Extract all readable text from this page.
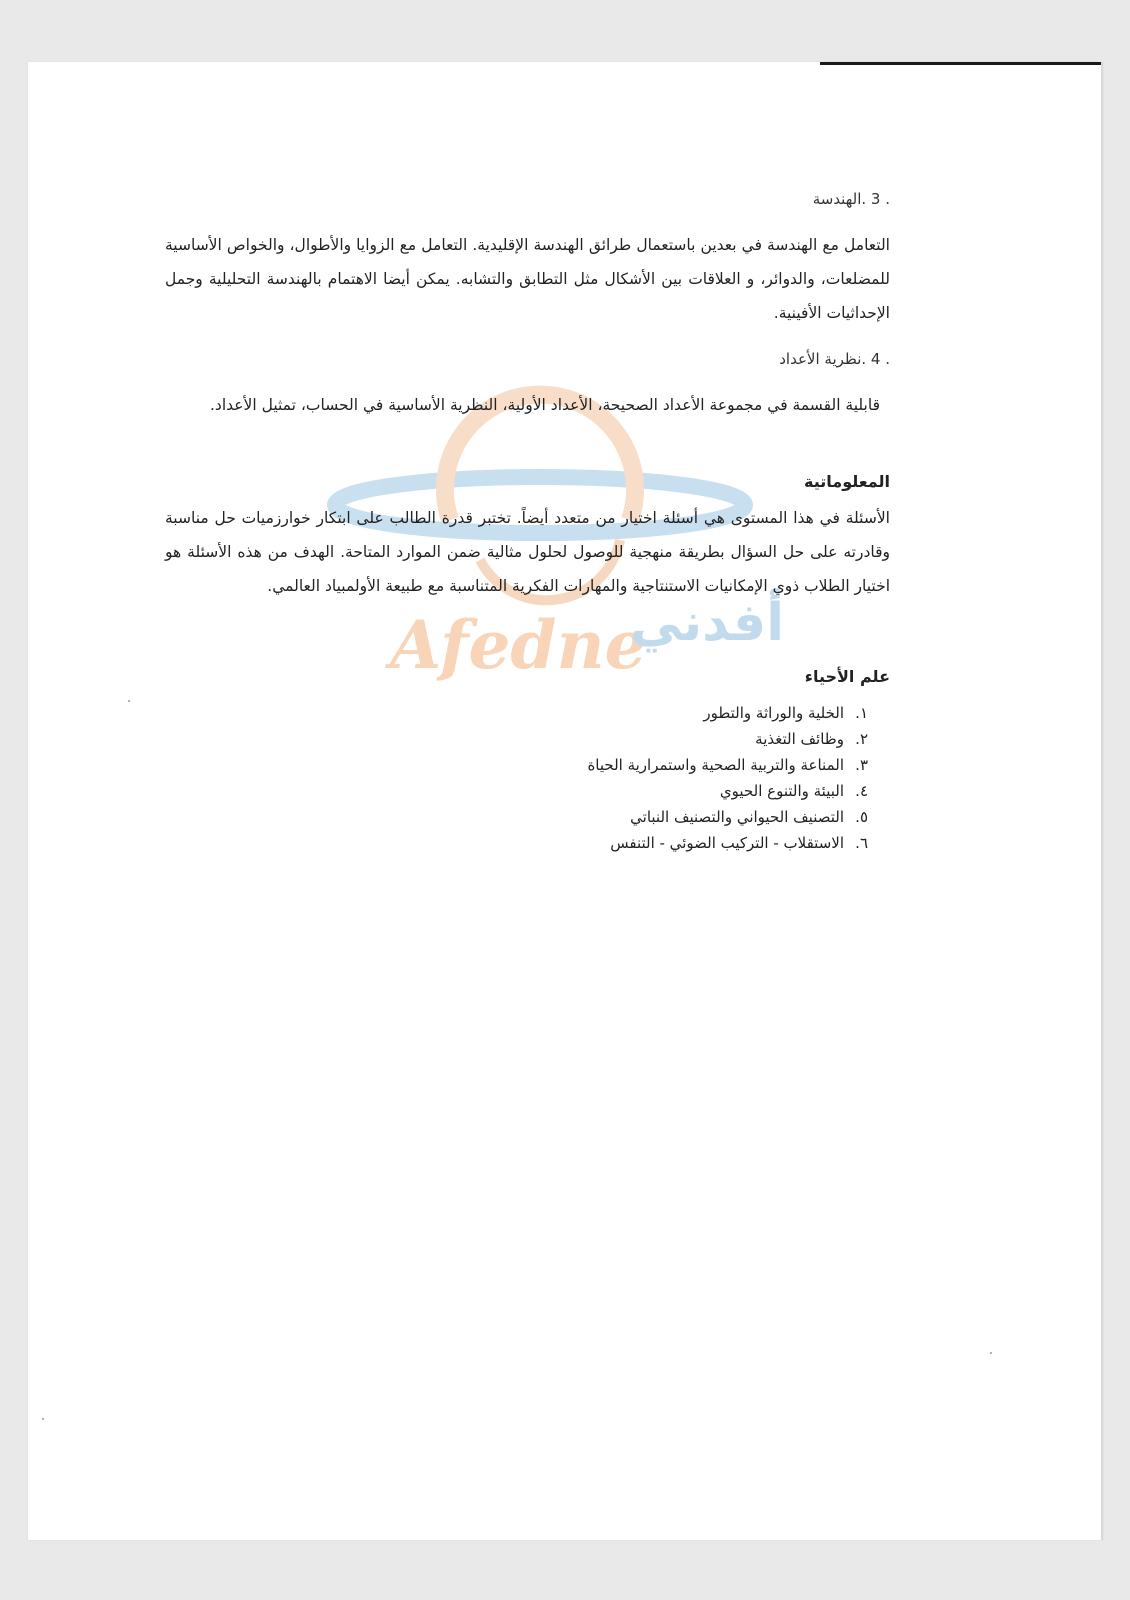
Afedne
أفدني

. 3 .الهندسة

التعامل مع الهندسة في بعدين باستعمال طرائق الهندسة الإقليدية. التعامل مع الزوايا والأطوال، والخواص الأساسية للمضلعات، والدوائر، و العلاقات بين الأشكال مثل التطابق والتشابه. يمكن أيضا الاهتمام بالهندسة التحليلية وجمل الإحداثيات الأفينية.

. 4 .نظرية الأعداد

قابلية القسمة في مجموعة الأعداد الصحيحة، الأعداد الأولية، النظرية الأساسية في الحساب، تمثيل الأعداد.

المعلوماتية

الأسئلة في هذا المستوى هي أسئلة اختيار من متعدد أيضاً. تختبر قدرة الطالب على ابتكار خوارزميات حل مناسبة وقادرته على حل السؤال بطريقة منهجية للوصول لحلول مثالية ضمن الموارد المتاحة. الهدف من هذه الأسئلة هو اختيار الطلاب ذوي الإمكانيات الاستنتاجية والمهارات الفكرية المتناسبة مع طبيعة الأولمبياد العالمي.

علم الأحياء

١.الخلية والوراثة والتطور
٢.وظائف التغذية
٣.المناعة والتربية الصحية واستمرارية الحياة
٤.البيئة والتنوع الحيوي
٥.التصنيف الحيواني والتصنيف النباتي
٦.الاستقلاب - التركيب الضوئي - التنفس
